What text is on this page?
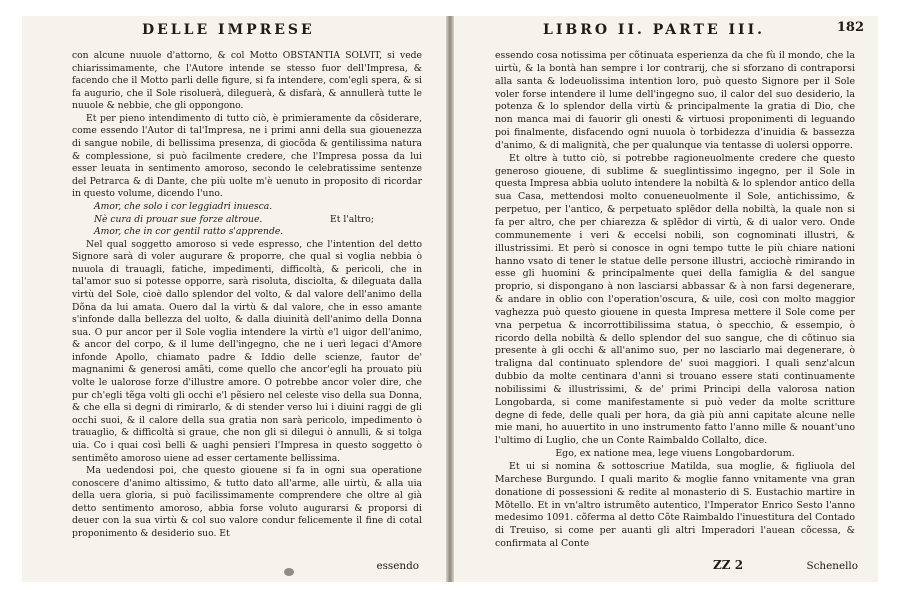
DELLE IMPRESE

con alcune nuuole d'attorno, & col Motto OBSTANTIA SOLVIT, si vede chiarissimamente, che l'Autore intende se stesso fuor dell'Impresa, & facendo che il Motto parli delle figure, si fa intendere, com'egli spera, & si fa augurio, che il Sole risoluerà, dileguerà, & disfarà, & annullerà tutte le nuuole & nebbie, che gli oppongono.

Et per pieno intendimento di tutto ciò, è primieramente da cõsiderare, come essendo l'Autor di tal'Impresa, ne i primi anni della sua giouenezza di sangue nobile, di bellissima presenza, di giocõda & gentilissima natura & complessione, si può facilmente credere, che l'Impresa possa da lui esser leuata in sentimento amoroso, secondo le celebratissime sentenze del Petrarca & di Dante, che più uolte m'è uenuto in proposito di ricordar in questo volume, dicendo l'uno.

Amor, che solo i cor leggiadri inuesca.
Nè cura di prouar sue forze altroue.	Et l'altro;
Amor, che in cor gentil ratto s'apprende.

Nel qual soggetto amoroso si vede espresso, che l'intention del detto Signore sarà di voler augurare & proporre, che qual si voglia nebbia ò nuuola di trauagli, fatiche, impedimenti, difficoltà, & pericoli, che in tal'amor suo si potesse opporre, sarà risoluta, disciolta, & dileguata dalla virtù del Sole, cioè dallo splendor del volto, & dal valore dell'animo della Dõna da lui amata. Ouero dal la virtù & dal valore, che in esso amante s'infonde dalla bellezza del uolto, & dalla diuinità dell'animo della Donna sua. O pur ancor per il Sole voglia intendere la virtù e'l uigor dell'animo, & ancor del corpo, & il lume dell'ingegno, che ne i uerì legaci d'Amore infonde Apollo, chiamato padre & Iddio delle scienze, fautor de' magnanimi & generosi amãti, come quello che ancor'egli ha prouato più volte le ualorose forze d'illustre amore. O potrebbe ancor voler dire, che pur ch'egli tẽga volti gli occhi e'l pẽsiero nel celeste viso della sua Donna, & che ella si degni di rimirarlo, & di stender verso lui i diuini raggi de gli occhi suoi, & il calore della sua gratia non sarà pericolo, impedimento ò trauaglio, & difficoltà si graue, che non gli si dilegui ò annulli, & si tolga uia. Co i quai così belli & uaghi pensieri l'Impresa in questo soggetto ò sentimẽto amoroso uiene ad esser certamente bellissima.

Ma uedendosi poi, che questo giouene si fa in ogni sua operatione conoscere d'animo altissimo, & tutto dato all'arme, alle uirtù, & alla uia della uera gloria, si può facilissimamente comprendere che oltre al già detto sentimento amoroso, abbia forse voluto augurarsi & proporsi di deuer con la sua virtù & col suo valore condur felicemente il fine di cotal proponimento & desiderio suo. Et

essendo
LIBRO II. PARTE III.	182

essendo cosa notissima per cõtinuata esperienza da che fù il mondo, che la uirtù, & la bontà han sempre i lor contrarij, che si sforzano di contraporsi alla santa & lodeuolissima intention loro, può questo Signore per il Sole voler forse intendere il lume dell'ingegno suo, il calor del suo desiderio, la potenza & lo splendor della virtù & principalmente la gratia di Dio, che non manca mai di fauorir gli onesti & virtuosi proponimenti di leguando poi finalmente, disfacendo ogni nuuola ò torbidezza d'inuidia & bassezza d'animo, & di malignità, che per qualunque via tentasse di uolersi opporre.

Et oltre à tutto ciò, si potrebbe ragioneuolmente credere che questo generoso giouene, di sublime & sueglintissimo ingegno, per il Sole in questa Impresa abbia uoluto intendere la nobiltà & lo splendor antico della sua Casa, mettendosi molto conueneuolmente il Sole, antichissimo, & perpetuo, per l'antico, & perpetuato splẽdor della nobiltà, la quale non si fa per altro, che per chiarezza & splẽdor di virtù, & di ualor vero. Onde communemente i veri & eccelsi nobili, son cognominati illustri, & illustrissimi. Et però si conosce in ogni tempo tutte le più chiare nationi hanno vsato di tener le statue delle persone illustri, acciochè rimirando in esse gli huomini & principalmente quei della famiglia & del sangue proprio, si dispongano à non lasciarsi abbassar & à non farsi degenerare, & andare in oblio con l'operation'oscura, & uile, così con molto maggior vaghezza può questo giouene in questa Impresa mettere il Sole come per vna perpetua & incorrottibilissima statua, ò specchio, & essempio, ò ricordo della nobiltà & dello splendor del suo sangue, che di cõtinuo sia presente à gli occhi & all'animo suo, per no lasciarlo mai degenerare, ò traligna dal continuato splendore de' suoi maggiori. I quali senz'alcun dubbio da molte centinara d'anni si trouano essere stati continuamente nobilissimi & illustrissimi, & de' primi Principi della valorosa nation Longobarda, si come manifestamente si può veder da molte scritture degne di fede, delle quali per hora, da già più anni capitate alcune nelle mie mani, ho auuertito in uno instrumento fatto l'anno mille & nouant'uno l'ultimo di Luglio, che un Conte Raimbaldo Collalto, dice.

Ego, ex natione mea, lege viuens Longobardorum.

Et ui si nomina & sottoscriue Matilda, sua moglie, & figliuola del Marchese Burgundo. I quali marito & moglie fanno vnitamente vna gran donatione di possessioni & redite al monasterio di S. Eustachio martire in Mõtello. Et in vn'altro istrumẽto autentico, l'Imperator Enrico Sesto l'anno medesimo 1091. cõferma al detto Cõte Raimbaldo l'inuestitura del Contado di Treuiso, si come per auanti gli altri Imperadori l'auean cõcessa, & confirmata al Conte

ZZ 2	Schenello
